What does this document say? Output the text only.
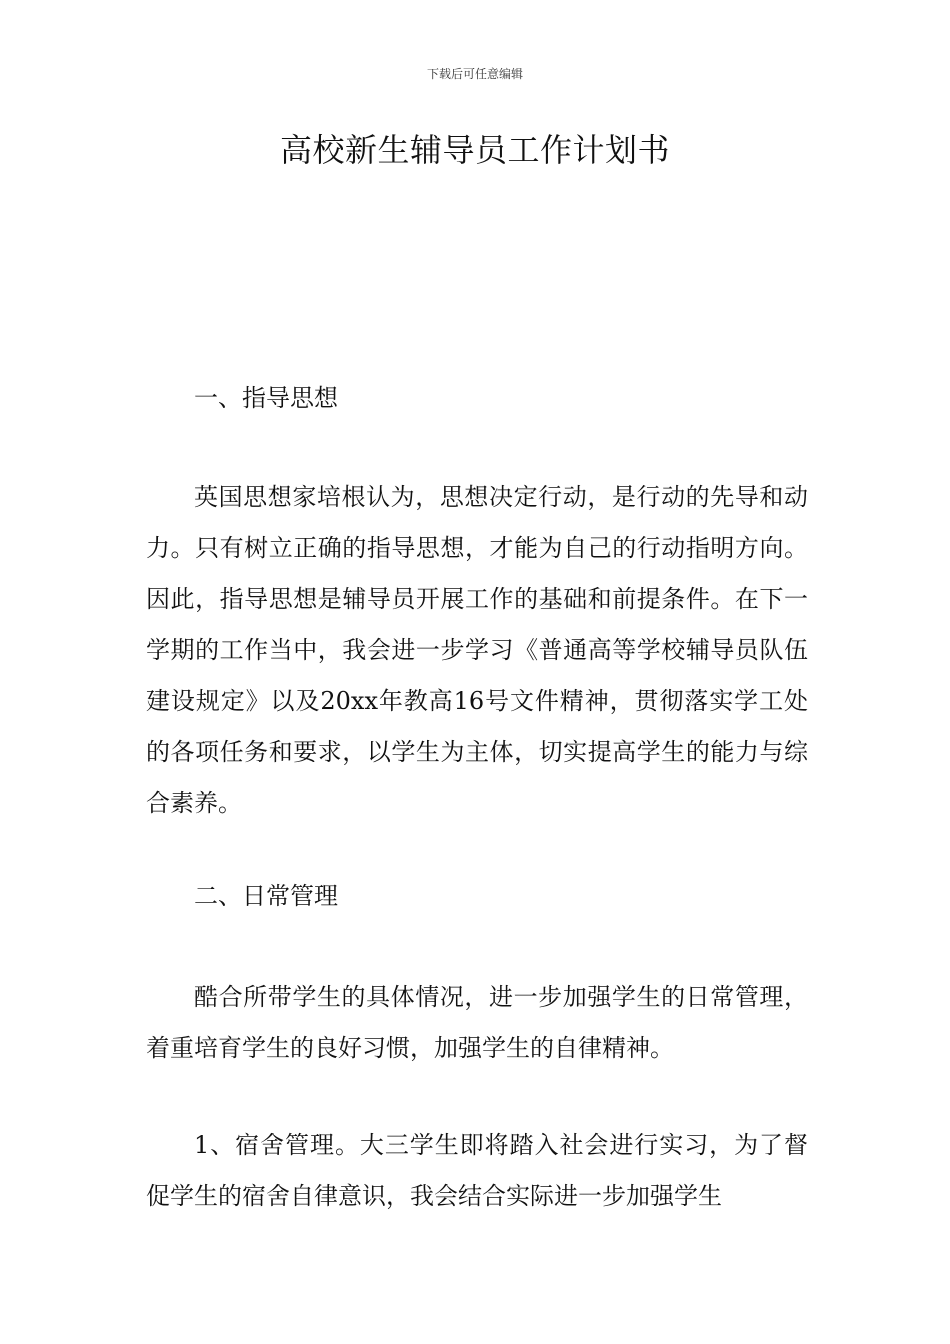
下载后可任意编辑
高校新生辅导员工作计划书

一、指导思想

英国思想家培根认为，思想决定行动，是行动的先导和动力。只有树立正确的指导思想，才能为自己的行动指明方向。因此，指导思想是辅导员开展工作的基础和前提条件。在下一学期的工作当中，我会进一步学习《普通高等学校辅导员队伍建设规定》以及20xx年教高16号文件精神，贯彻落实学工处的各项任务和要求，以学生为主体，切实提高学生的能力与综合素养。

二、日常管理

酷合所带学生的具体情况，进一步加强学生的日常管理，着重培育学生的良好习惯，加强学生的自律精神。

1、宿舍管理。大三学生即将踏入社会进行实习，为了督促学生的宿舍自律意识，我会结合实际进一步加强学生
